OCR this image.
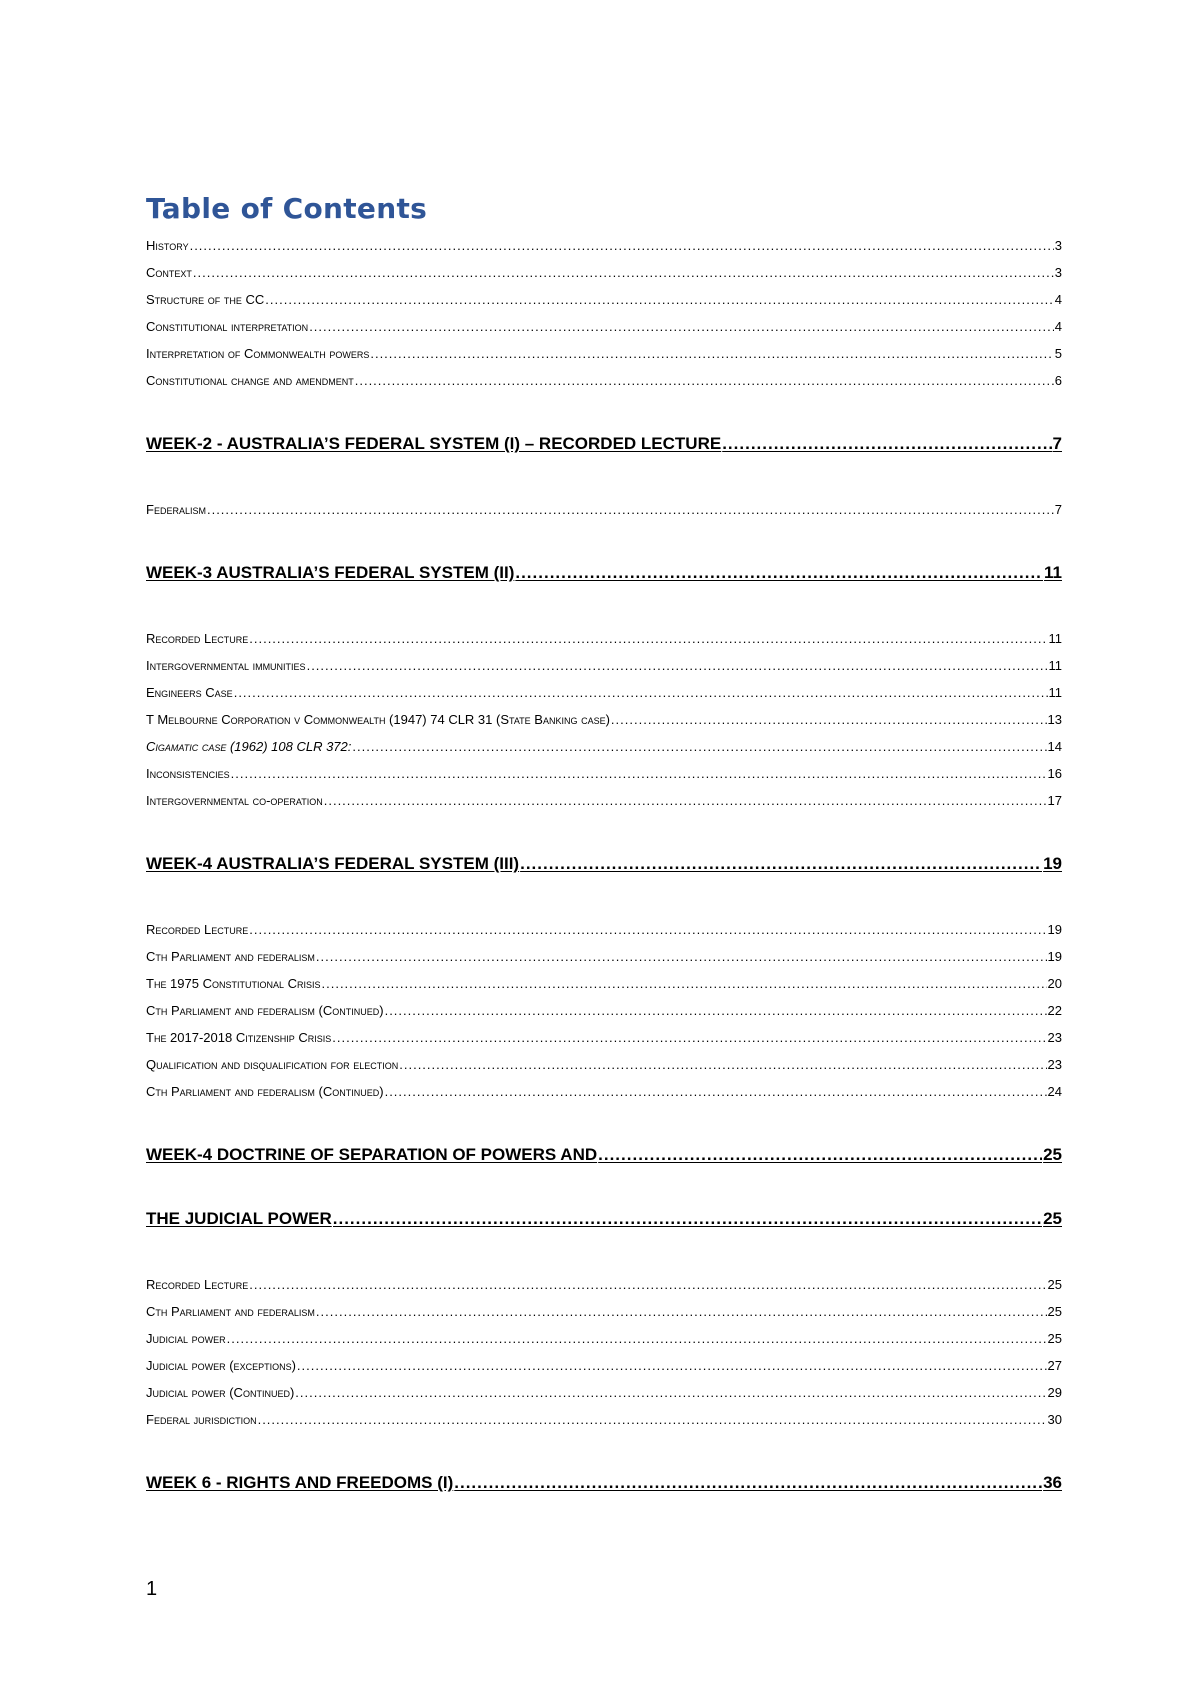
Table of Contents
History .....	3
Context .....	3
Structure of the CC .....	4
Constitutional interpretation .....	4
Interpretation of Commonwealth powers .....	5
Constitutional change and amendment .....	6
WEEK-2 - AUSTRALIA’S FEDERAL SYSTEM (I) – RECORDED LECTURE .....	7
Federalism .....	7
WEEK-3 AUSTRALIA’S FEDERAL SYSTEM (II) .....	11
Recorded Lecture .....	11
Intergovernmental immunities .....	11
Engineers Case .....	11
T Melbourne Corporation v Commonwealth (1947) 74 CLR 31 (State Banking case) .....	13
Cigamatic case (1962) 108 CLR 372: .....	14
Inconsistencies .....	16
Intergovernmental co-operation .....	17
WEEK-4 AUSTRALIA’S FEDERAL SYSTEM (III) .....	19
Recorded Lecture .....	19
Cth Parliament and federalism .....	19
The 1975 Constitutional Crisis .....	20
Cth Parliament and federalism (Continued) .....	22
The 2017-2018 Citizenship Crisis .....	23
Qualification and disqualification for election .....	23
Cth Parliament and federalism (Continued) .....	24
WEEK-4 DOCTRINE OF SEPARATION OF POWERS AND .....	25
THE JUDICIAL POWER .....	25
Recorded Lecture .....	25
Cth Parliament and federalism .....	25
Judicial power .....	25
Judicial power (exceptions) .....	27
Judicial power (Continued) .....	29
Federal jurisdiction .....	30
WEEK 6 - RIGHTS AND FREEDOMS (I) .....	36
1
